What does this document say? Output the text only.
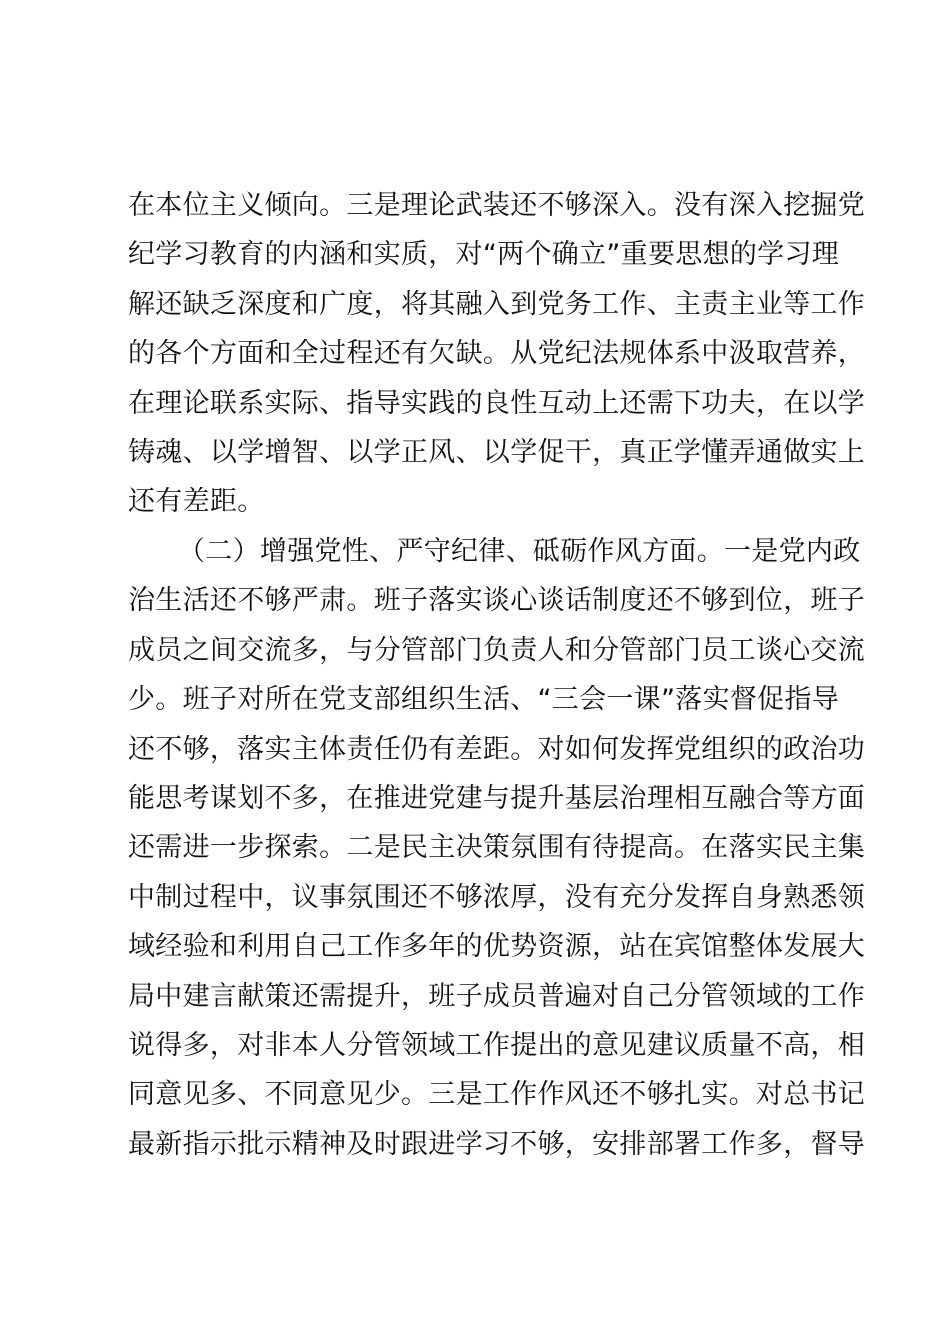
在本位主义倾向。三是理论武装还不够深入。没有深入挖掘党
纪学习教育的内涵和实质，对“两个确立”重要思想的学习理
解还缺乏深度和广度，将其融入到党务工作、主责主业等工作
的各个方面和全过程还有欠缺。从党纪法规体系中汲取营养，
在理论联系实际、指导实践的良性互动上还需下功夫，在以学
铸魂、以学增智、以学正风、以学促干，真正学懂弄通做实上
还有差距。
（二）增强党性、严守纪律、砥砺作风方面。一是党内政
治生活还不够严肃。班子落实谈心谈话制度还不够到位，班子
成员之间交流多，与分管部门负责人和分管部门员工谈心交流
少。班子对所在党支部组织生活、“三会一课”落实督促指导
还不够，落实主体责任仍有差距。对如何发挥党组织的政治功
能思考谋划不多，在推进党建与提升基层治理相互融合等方面
还需进一步探索。二是民主决策氛围有待提高。在落实民主集
中制过程中，议事氛围还不够浓厚，没有充分发挥自身熟悉领
域经验和利用自己工作多年的优势资源，站在宾馆整体发展大
局中建言献策还需提升，班子成员普遍对自己分管领域的工作
说得多，对非本人分管领域工作提出的意见建议质量不高，相
同意见多、不同意见少。三是工作作风还不够扎实。对总书记
最新指示批示精神及时跟进学习不够，安排部署工作多，督导
